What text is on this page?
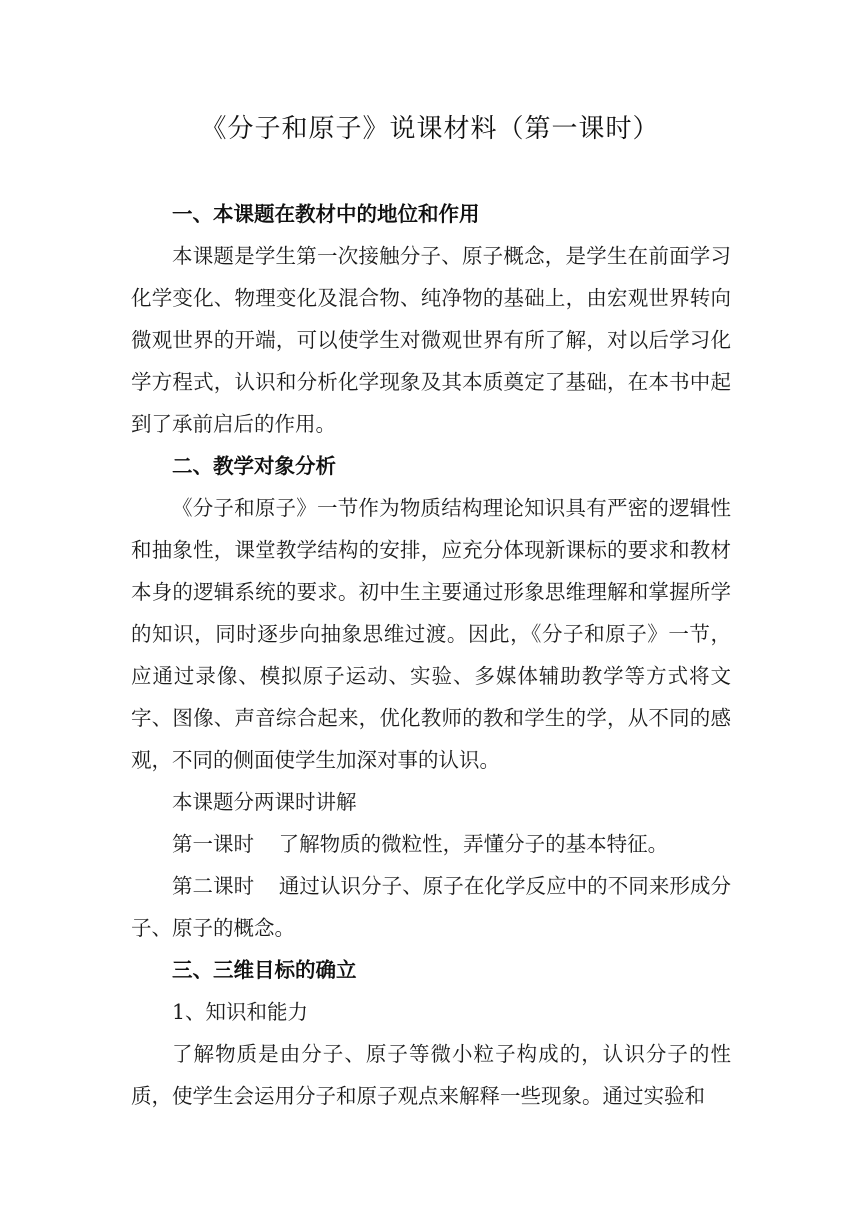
《分子和原子》说课材料（第一课时）
一、本课题在教材中的地位和作用

本课题是学生第一次接触分子、原子概念，是学生在前面学习化学变化、物理变化及混合物、纯净物的基础上，由宏观世界转向微观世界的开端，可以使学生对微观世界有所了解，对以后学习化学方程式，认识和分析化学现象及其本质奠定了基础，在本书中起到了承前启后的作用。

二、教学对象分析

《分子和原子》一节作为物质结构理论知识具有严密的逻辑性和抽象性，课堂教学结构的安排，应充分体现新课标的要求和教材本身的逻辑系统的要求。初中生主要通过形象思维理解和掌握所学的知识，同时逐步向抽象思维过渡。因此，《分子和原子》一节，应通过录像、模拟原子运动、实验、多媒体辅助教学等方式将文字、图像、声音综合起来，优化教师的教和学生的学，从不同的感观，不同的侧面使学生加深对事的认识。

本课题分两课时讲解

第一课时 了解物质的微粒性，弄懂分子的基本特征。

第二课时 通过认识分子、原子在化学反应中的不同来形成分子、原子的概念。

三、三维目标的确立

1、知识和能力

了解物质是由分子、原子等微小粒子构成的，认识分子的性质，使学生会运用分子和原子观点来解释一些现象。通过实验和
